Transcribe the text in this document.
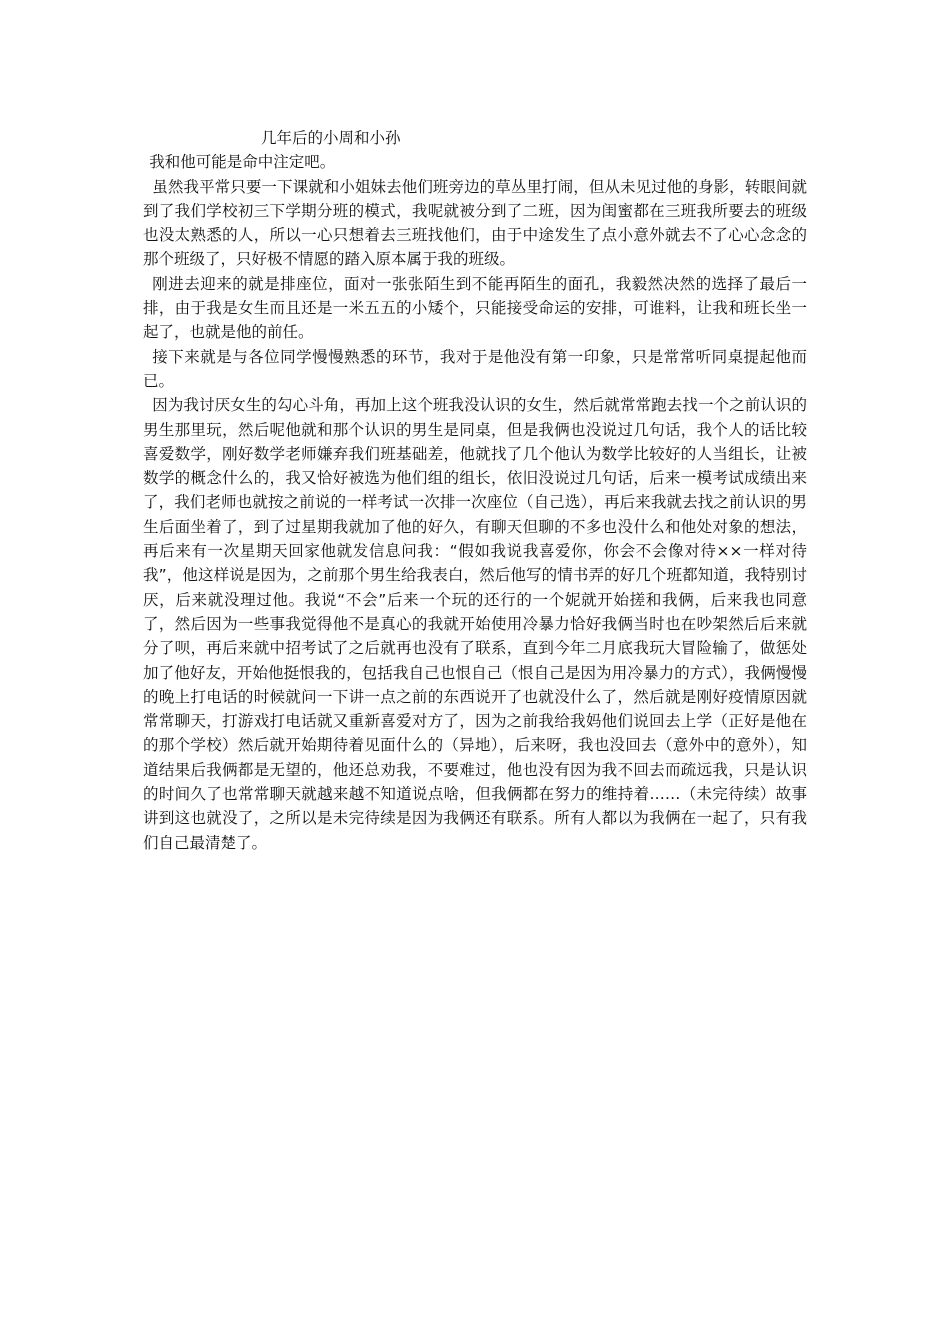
几年后的小周和小孙

我和他可能是命中注定吧。

虽然我平常只要一下课就和小姐妹去他们班旁边的草丛里打闹，但从未见过他的身影，转眼间就到了我们学校初三下学期分班的模式，我呢就被分到了二班，因为闺蜜都在三班我所要去的班级也没太熟悉的人，所以一心只想着去三班找他们，由于中途发生了点小意外就去不了心心念念的那个班级了，只好极不情愿的踏入原本属于我的班级。

刚进去迎来的就是排座位，面对一张张陌生到不能再陌生的面孔，我毅然决然的选择了最后一排，由于我是女生而且还是一米五五的小矮个，只能接受命运的安排，可谁料，让我和班长坐一起了，也就是他的前任。

接下来就是与各位同学慢慢熟悉的环节，我对于是他没有第一印象，只是常常听同桌提起他而已。

因为我讨厌女生的勾心斗角，再加上这个班我没认识的女生，然后就常常跑去找一个之前认识的男生那里玩，然后呢他就和那个认识的男生是同桌，但是我俩也没说过几句话，我个人的话比较喜爱数学，刚好数学老师嫌弃我们班基础差，他就找了几个他认为数学比较好的人当组长，让被数学的概念什么的，我又恰好被选为他们组的组长，依旧没说过几句话，后来一模考试成绩出来了，我们老师也就按之前说的一样考试一次排一次座位（自己选），再后来我就去找之前认识的男生后面坐着了，到了过星期我就加了他的好久，有聊天但聊的不多也没什么和他处对象的想法，再后来有一次星期天回家他就发信息问我：“假如我说我喜爱你，你会不会像对待××一样对待我”，他这样说是因为，之前那个男生给我表白，然后他写的情书弄的好几个班都知道，我特别讨厌，后来就没理过他。我说“不会”后来一个玩的还行的一个妮就开始搓和我俩，后来我也同意了，然后因为一些事我觉得他不是真心的我就开始使用冷暴力恰好我俩当时也在吵架然后后来就分了呗，再后来就中招考试了之后就再也没有了联系，直到今年二月底我玩大冒险输了，做惩处加了他好友，开始他挺恨我的，包括我自己也恨自己（恨自己是因为用冷暴力的方式），我俩慢慢的晚上打电话的时候就问一下讲一点之前的东西说开了也就没什么了，然后就是刚好疫情原因就常常聊天，打游戏打电话就又重新喜爱对方了，因为之前我给我妈他们说回去上学（正好是他在的那个学校）然后就开始期待着见面什么的（异地），后来呀，我也没回去（意外中的意外），知道结果后我俩都是无望的，他还总劝我，不要难过，他也没有因为我不回去而疏远我，只是认识的时间久了也常常聊天就越来越不知道说点啥，但我俩都在努力的维持着……（未完待续）故事讲到这也就没了，之所以是未完待续是因为我俩还有联系。所有人都以为我俩在一起了，只有我们自己最清楚了。
